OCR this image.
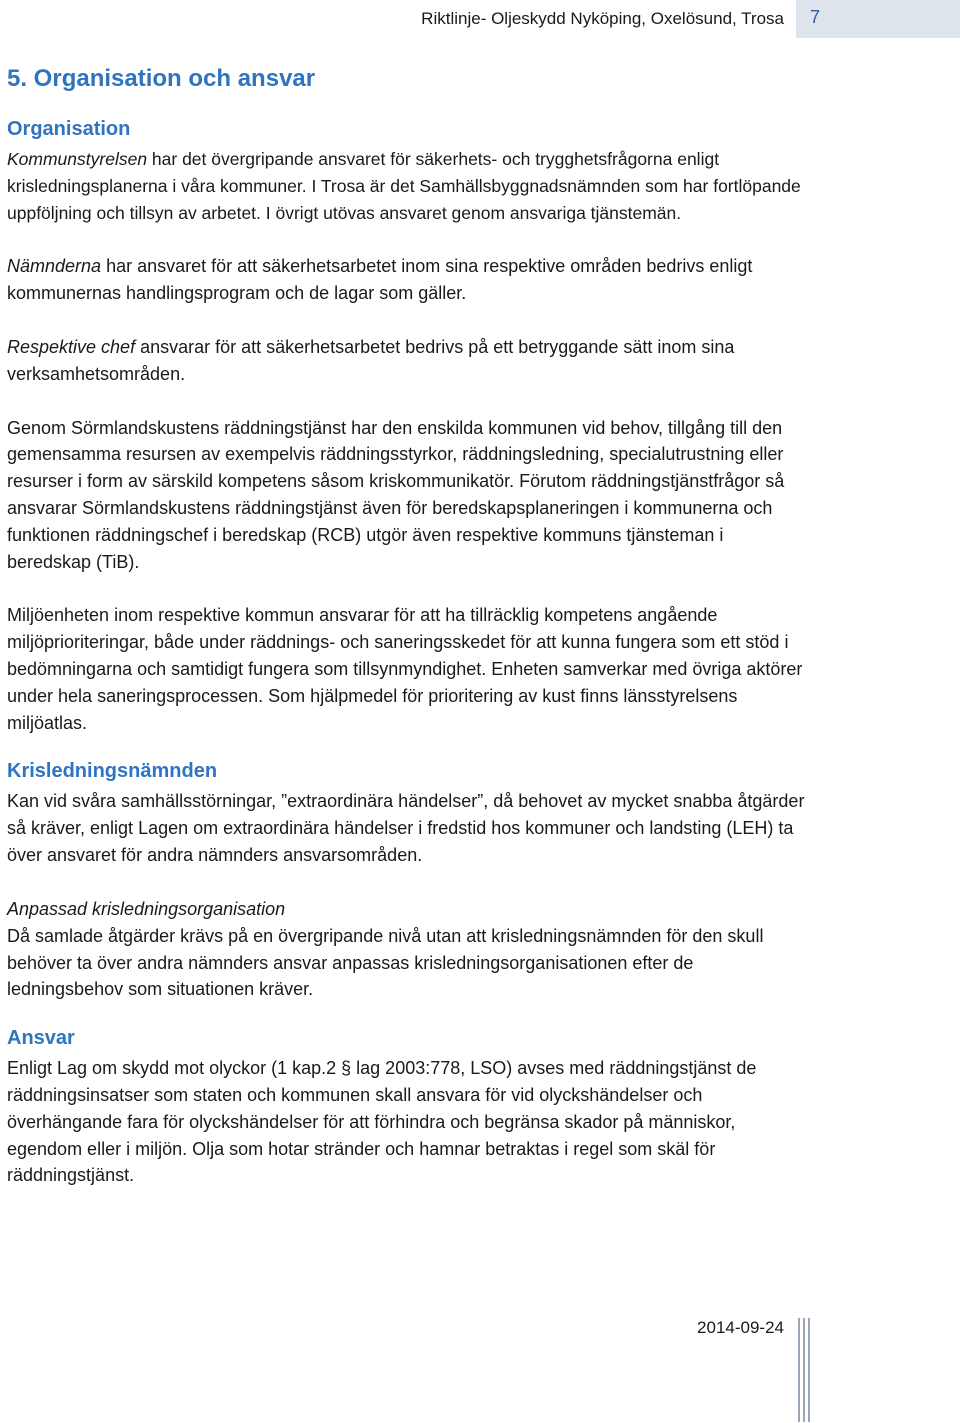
Riktlinje- Oljeskydd Nyköping, Oxelösund, Trosa 7
5. Organisation och ansvar
Organisation

Kommunstyrelsen har det övergripande ansvaret för säkerhets- och trygghetsfrågorna enligt krisledningsplanerna i våra kommuner. I Trosa är det Samhällsbyggnadsnämnden som har fortlöpande uppföljning och tillsyn av arbetet. I övrigt utövas ansvaret genom ansvariga tjänstemän.

Nämnderna har ansvaret för att säkerhetsarbetet inom sina respektive områden bedrivs enligt kommunernas handlingsprogram och de lagar som gäller.

Respektive chef ansvarar för att säkerhetsarbetet bedrivs på ett betryggande sätt inom sina verksamhetsområden.

Genom Sörmlandskustens räddningstjänst har den enskilda kommunen vid behov, tillgång till den gemensamma resursen av exempelvis räddningsstyrkor, räddningsledning, specialutrustning eller resurser i form av särskild kompetens såsom kriskommunikatör. Förutom räddningstjänstfrågor så ansvarar Sörmlandskustens räddningstjänst även för beredskapsplaneringen i kommunerna och funktionen räddningschef i beredskap (RCB) utgör även respektive kommuns tjänsteman i beredskap (TiB).

Miljöenheten inom respektive kommun ansvarar för att ha tillräcklig kompetens angående miljöprioriteringar, både under räddnings- och saneringsskedet för att kunna fungera som ett stöd i bedömningarna och samtidigt fungera som tillsynmyndighet. Enheten samverkar med övriga aktörer under hela saneringsprocessen. Som hjälpmedel för prioritering av kust finns länsstyrelsens miljöatlas.

Krisledningsnämnden

Kan vid svåra samhällsstörningar, ”extraordinära händelser”, då behovet av mycket snabba åtgärder så kräver, enligt Lagen om extraordinära händelser i fredstid hos kommuner och landsting (LEH) ta över ansvaret för andra nämnders ansvarsområden.

Anpassad krisledningsorganisation

Då samlade åtgärder krävs på en övergripande nivå utan att krisledningsnämnden för den skull behöver ta över andra nämnders ansvar anpassas krisledningsorganisationen efter de ledningsbehov som situationen kräver.

Ansvar

Enligt Lag om skydd mot olyckor (1 kap.2 § lag 2003:778, LSO) avses med räddningstjänst de räddningsinsatser som staten och kommunen skall ansvara för vid olyckshändelser och överhängande fara för olyckshändelser för att förhindra och begränsa skador på människor, egendom eller i miljön. Olja som hotar stränder och hamnar betraktas i regel som skäl för räddningstjänst.

2014-09-24
